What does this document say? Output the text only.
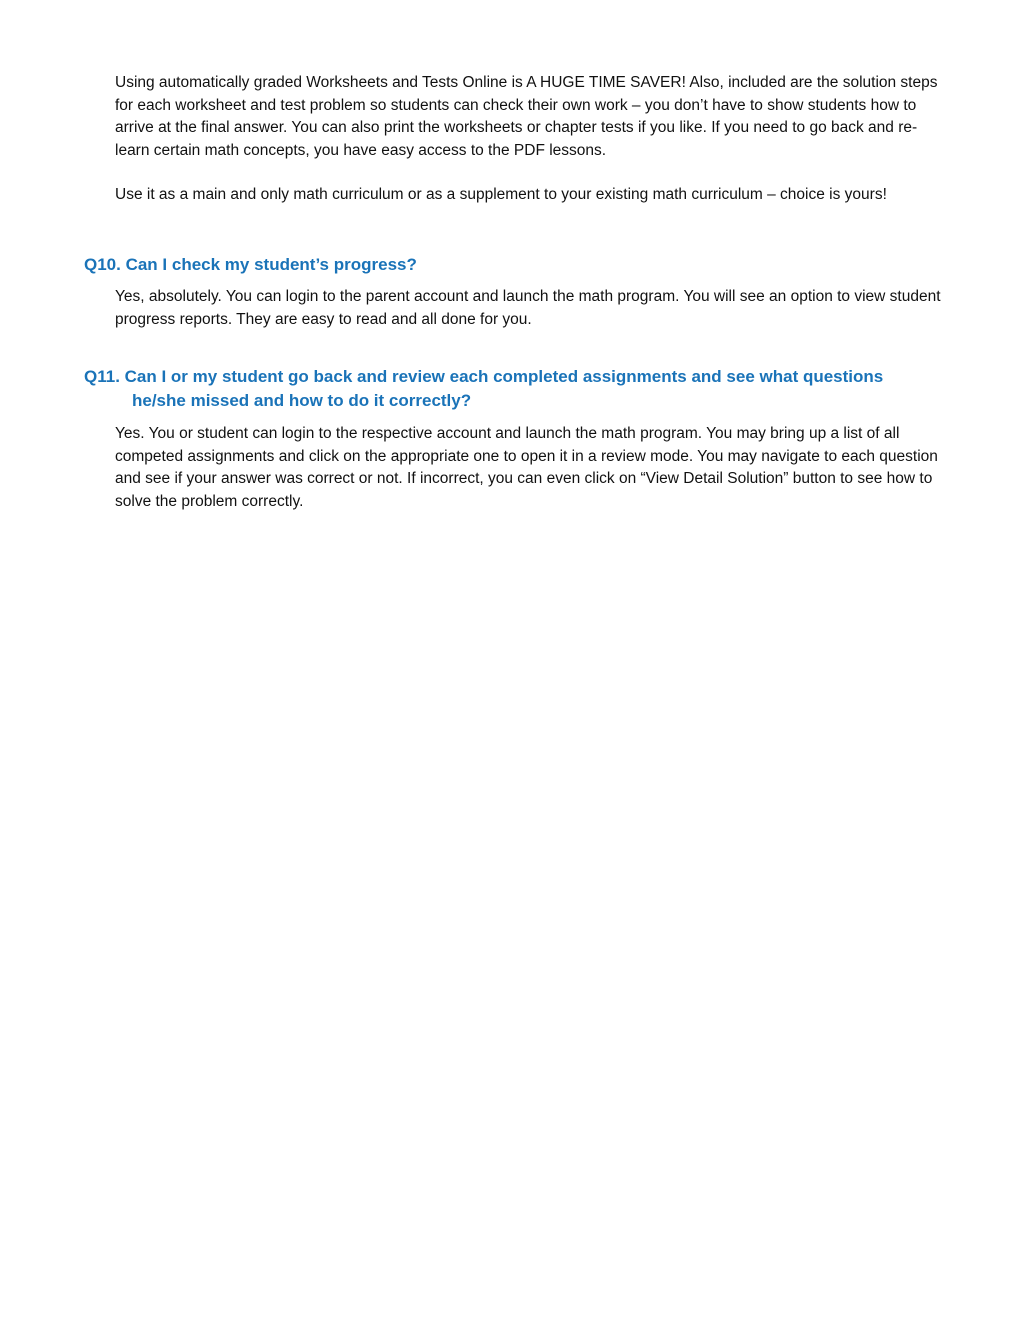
Using automatically graded Worksheets and Tests Online is A HUGE TIME SAVER! Also, included are the solution steps for each worksheet and test problem so students can check their own work – you don’t have to show students how to arrive at the final answer. You can also print the worksheets or chapter tests if you like. If you need to go back and re-learn certain math concepts, you have easy access to the PDF lessons.

Use it as a main and only math curriculum or as a supplement to your existing math curriculum – choice is yours!

Q10. Can I check my student’s progress?

Yes, absolutely. You can login to the parent account and launch the math program. You will see an option to view student progress reports. They are easy to read and all done for you.

Q11. Can I or my student go back and review each completed assignments and see what questions
he/she missed and how to do it correctly?

Yes. You or student can login to the respective account and launch the math program. You may bring up a list of all competed assignments and click on the appropriate one to open it in a review mode. You may navigate to each question and see if your answer was correct or not. If incorrect, you can even click on “View Detail Solution” button to see how to solve the problem correctly.
